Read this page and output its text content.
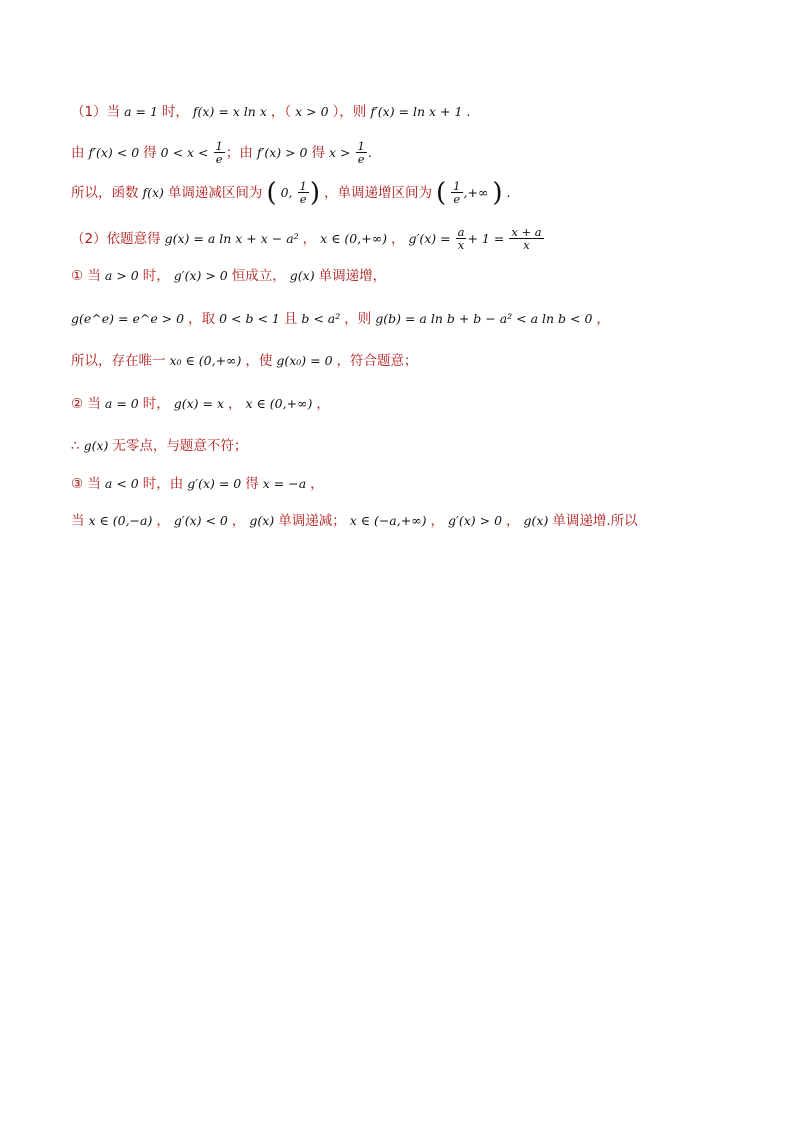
（1）当 a = 1 时， f(x) = x ln x ，（ x > 0 ），则 f′(x) = ln x + 1 .
由 f′(x) < 0 得 $0 < x < \frac{1}{e}$ ；由 f′(x) > 0 得 $x > \frac{1}{e}$ .
所以，函数 f(x) 单调递减区间为 ( 0, $\frac{1}{e}$ ) ，单调递增区间为 ( $\frac{1}{e}$ ,+∞ ) .
（2）依题意得 g(x) = a ln x + x − a² ， x ∈ (0,+∞) ， $g'(x) = \frac{a}{x} + 1 = \frac{x + a}{x}$
① 当 a > 0 时， g′(x) > 0 恒成立， g(x) 单调递增，
g(e^e) = e^e > 0 ，取 0 < b < 1 且 b < a² ，则 g(b) = a ln b + b − a² < a ln b < 0 ，
所以，存在唯一 x₀ ∈ (0,+∞) ，使 g(x₀) = 0 ，符合题意；
② 当 a = 0 时， g(x) = x ， x ∈ (0,+∞) ，
∴ g(x) 无零点，与题意不符；
③ 当 a < 0 时，由 g′(x) = 0 得 x = −a ，
当 x ∈ (0,−a) ， g′(x) < 0 ， g(x) 单调递减； x ∈ (−a,+∞) ， g′(x) > 0 ， g(x) 单调递增.所以
